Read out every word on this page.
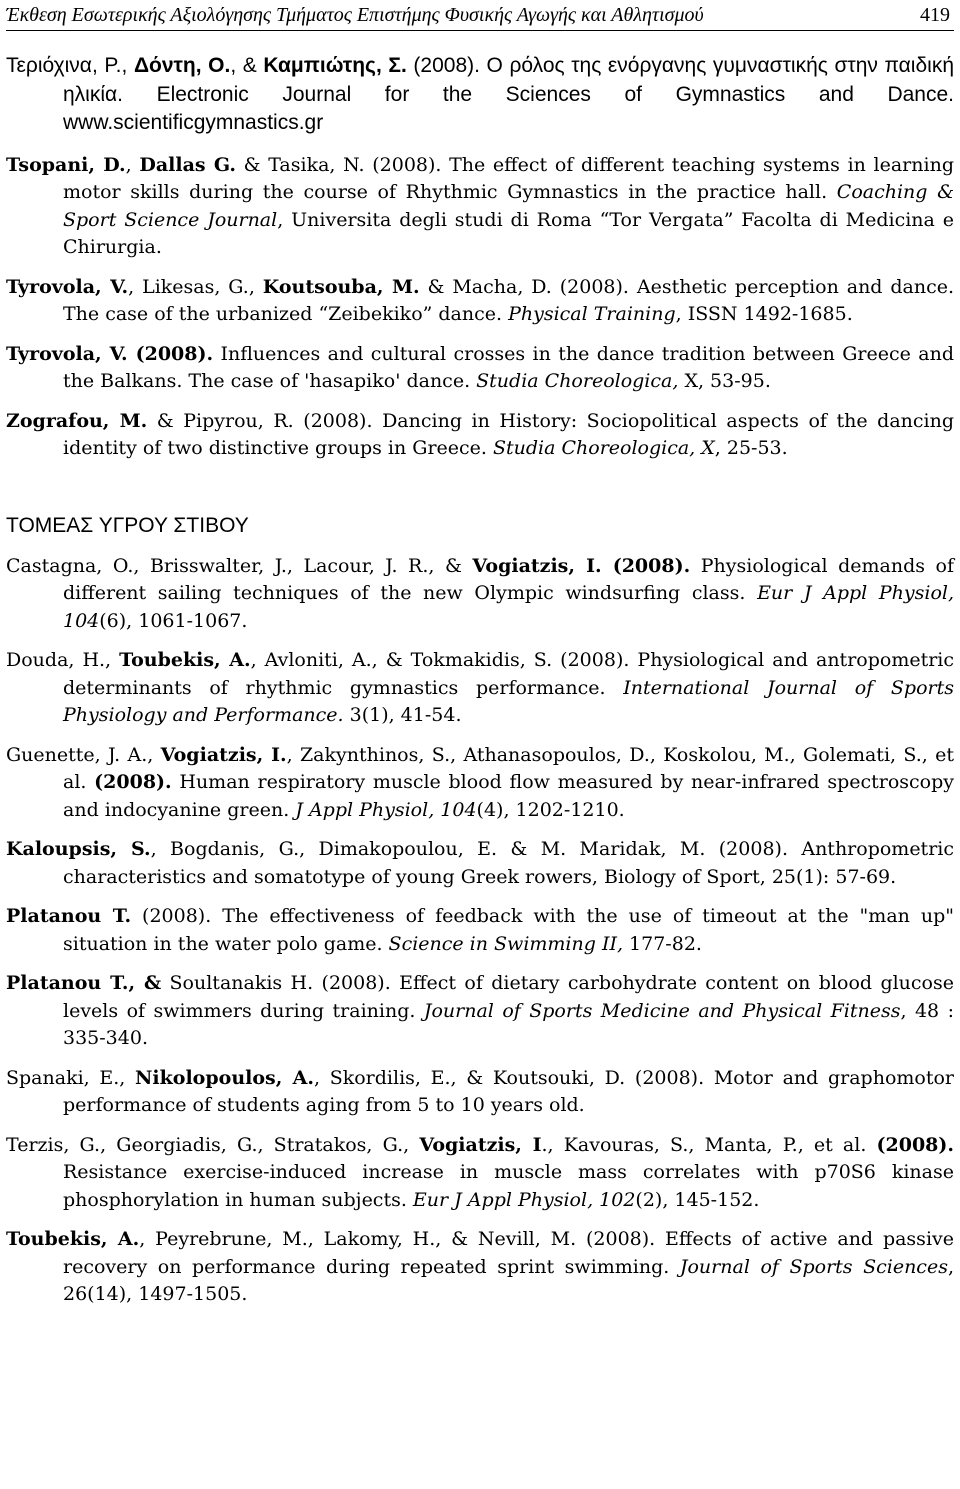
Έκθεση Εσωτερικής Αξιολόγησης Τμήματος Επιστήμης Φυσικής Αγωγής και Αθλητισμού	419

Τεριόχινα, Ρ., Δόντη, Ο., & Καμπιώτης, Σ. (2008). Ο ρόλος της ενόργανης γυμναστικής στην παιδική ηλικία. Electronic Journal for the Sciences of Gymnastics and Dance. www.scientificgymnastics.gr

Tsopani, D., Dallas G. & Tasika, N. (2008). The effect of different teaching systems in learning motor skills during the course of Rhythmic Gymnastics in the practice hall. Coaching & Sport Science Journal, Universita degli studi di Roma “Tor Vergata” Facolta di Medicina e Chirurgia.

Tyrovola, V., Likesas, G., Koutsouba, M. & Macha, D. (2008). Aesthetic perception and dance. The case of the urbanized “Zeibekiko” dance. Physical Training, ISSN 1492-1685.

Tyrovola, V. (2008). Influences and cultural crosses in the dance tradition between Greece and the Balkans. The case of 'hasapiko' dance. Studia Choreologica, X, 53-95.

Zografou, M. & Pipyrou, R. (2008). Dancing in History: Sociopolitical aspects of the dancing identity of two distinctive groups in Greece. Studia Choreologica, X, 25-53.

ΤΟΜΕΑΣ ΥΓΡΟΥ ΣΤΙΒΟΥ

Castagna, O., Brisswalter, J., Lacour, J. R., & Vogiatzis, I. (2008). Physiological demands of different sailing techniques of the new Olympic windsurfing class. Eur J Appl Physiol, 104(6), 1061-1067.

Douda, H., Toubekis, A., Avloniti, A., & Tokmakidis, S. (2008). Physiological and antropometric determinants of rhythmic gymnastics performance. International Journal of Sports Physiology and Performance. 3(1), 41-54.

Guenette, J. A., Vogiatzis, I., Zakynthinos, S., Athanasopoulos, D., Koskolou, M., Golemati, S., et al. (2008). Human respiratory muscle blood flow measured by near-infrared spectroscopy and indocyanine green. J Appl Physiol, 104(4), 1202-1210.

Kaloupsis, S., Bogdanis, G., Dimakopoulou, E. & M. Maridak, M. (2008). Anthropometric characteristics and somatotype of young Greek rowers, Biology of Sport, 25(1): 57-69.

Platanou T. (2008). The effectiveness of feedback with the use of timeout at the "man up" situation in the water polo game. Science in Swimming II, 177-82.

Platanou T., & Soultanakis H. (2008). Effect of dietary carbohydrate content on blood glucose levels of swimmers during training. Journal of Sports Medicine and Physical Fitness, 48 : 335-340.

Spanaki, E., Nikolopoulos, A., Skordilis, E., & Koutsouki, D. (2008). Motor and graphomotor performance of students aging from 5 to 10 years old.

Terzis, G., Georgiadis, G., Stratakos, G., Vogiatzis, I., Kavouras, S., Manta, P., et al. (2008). Resistance exercise-induced increase in muscle mass correlates with p70S6 kinase phosphorylation in human subjects. Eur J Appl Physiol, 102(2), 145-152.

Toubekis, A., Peyrebrune, M., Lakomy, H., & Nevill, M. (2008). Effects of active and passive recovery on performance during repeated sprint swimming. Journal of Sports Sciences, 26(14), 1497-1505.
